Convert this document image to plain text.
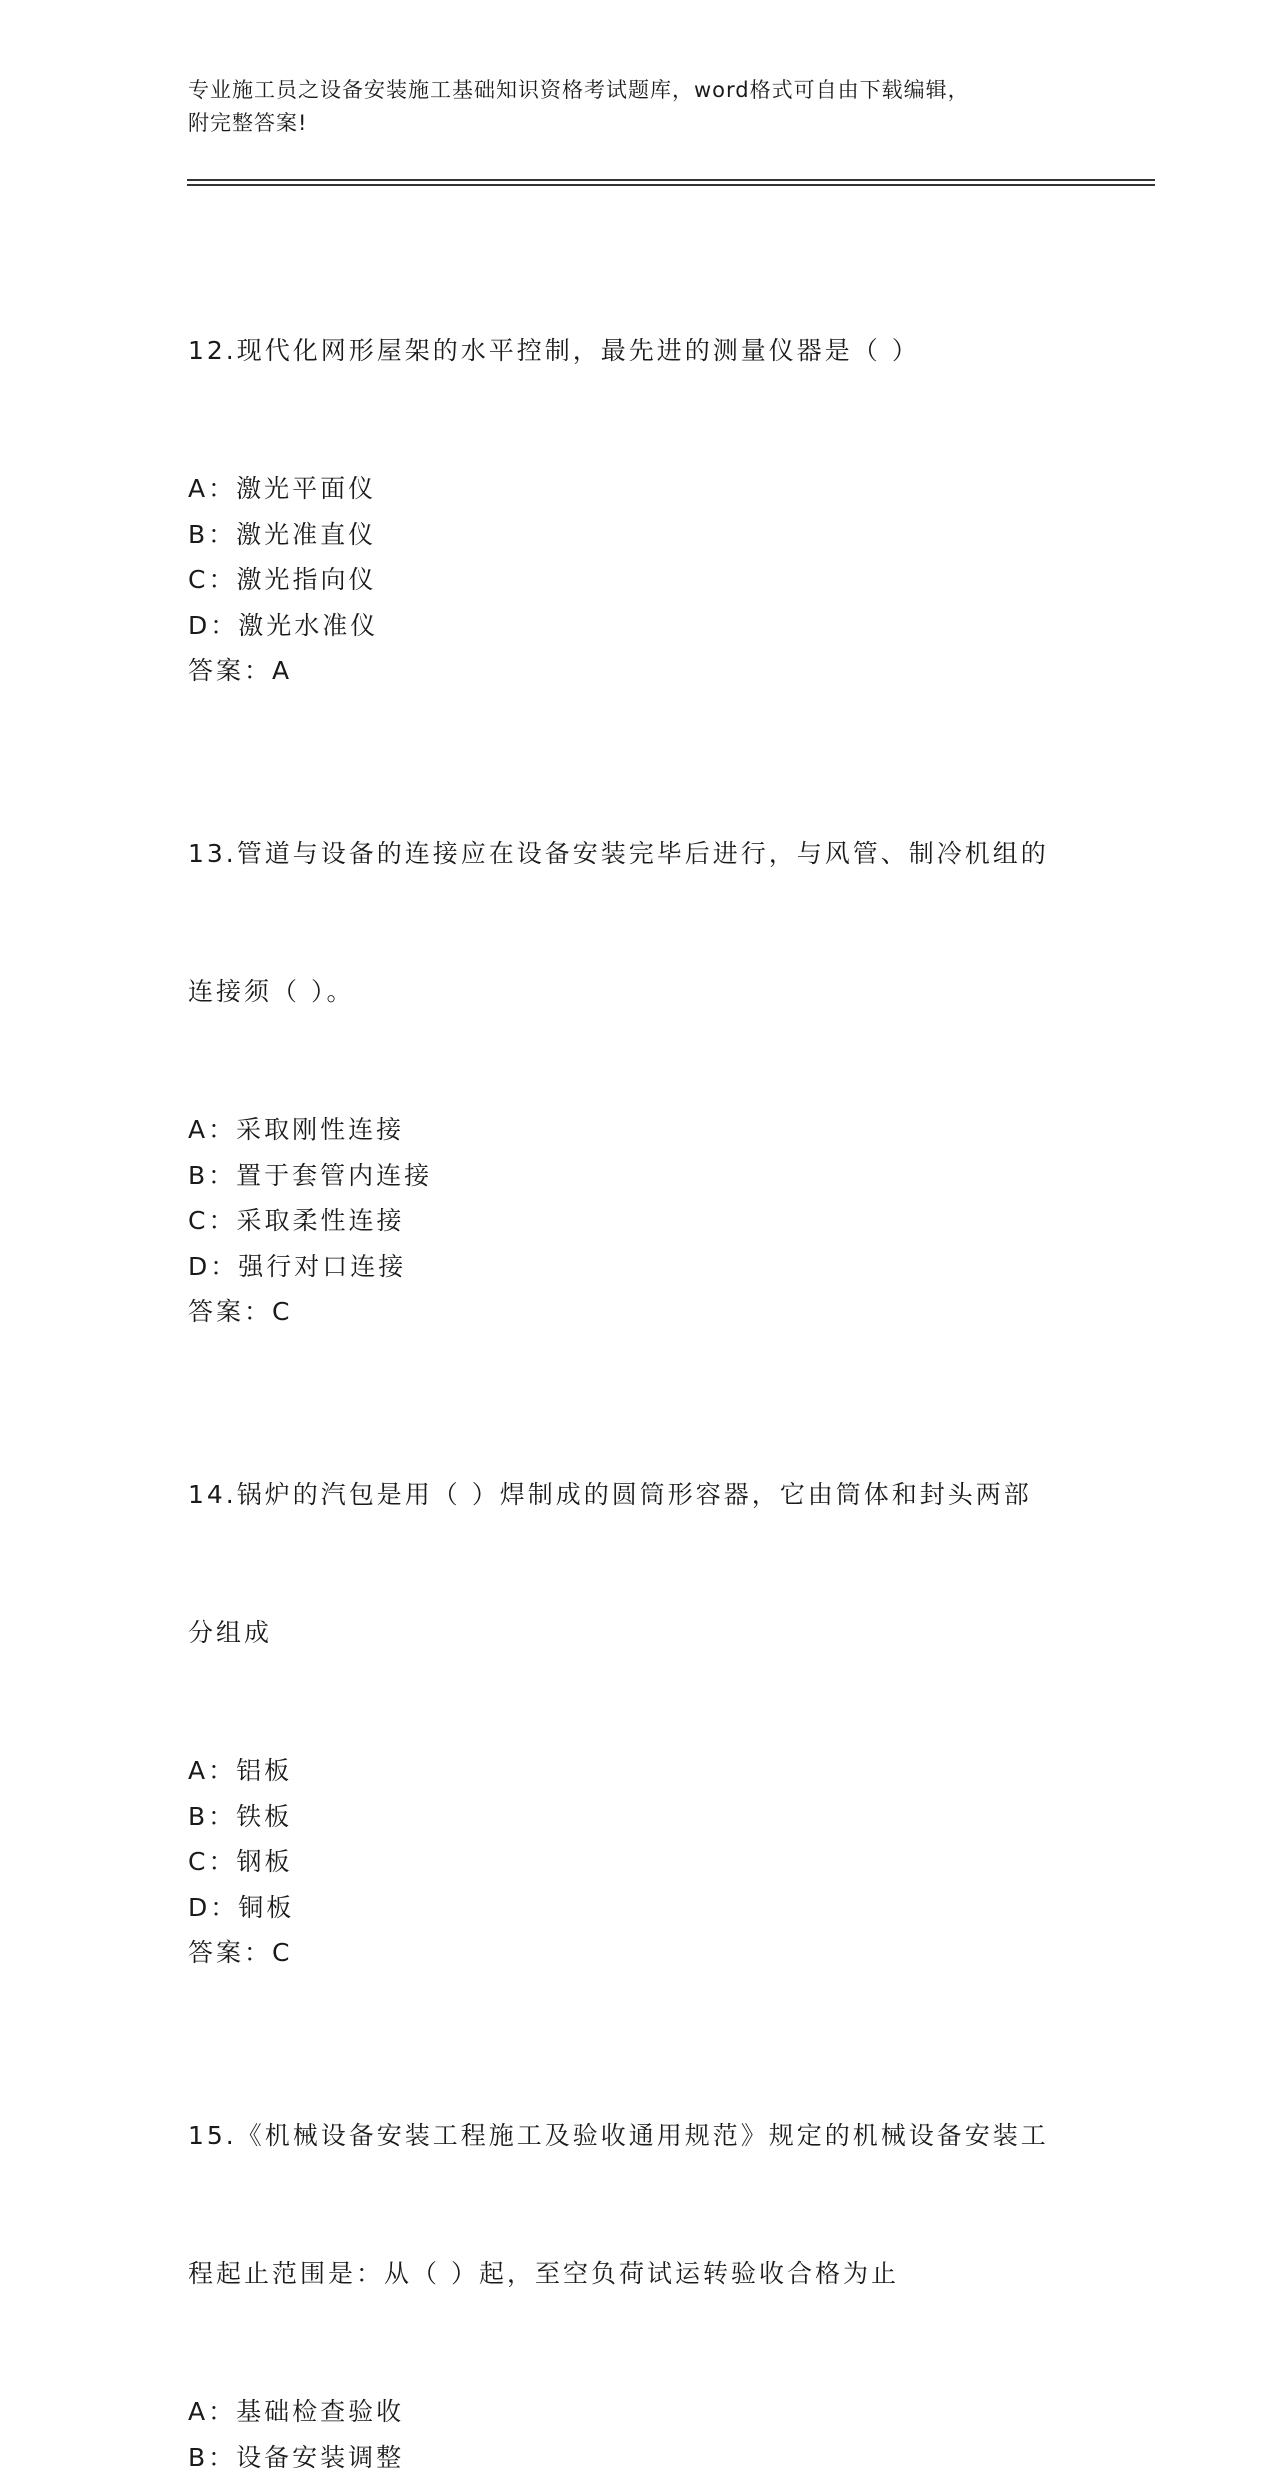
专业施工员之设备安装施工基础知识资格考试题库，word格式可自由下载编辑，
附完整答案!

12.现代化网形屋架的水平控制，最先进的测量仪器是（ ）

A：激光平面仪
B：激光准直仪
C：激光指向仪
D：激光水准仪
答案：A

13.管道与设备的连接应在设备安装完毕后进行，与风管、制冷机组的

连接须（ ）。

A：采取刚性连接
B：置于套管内连接
C：采取柔性连接
D：强行对口连接
答案：C

14.锅炉的汽包是用（ ）焊制成的圆筒形容器，它由筒体和封头两部

分组成

A：铝板
B：铁板
C：钢板
D：铜板
答案：C

15.《机械设备安装工程施工及验收通用规范》规定的机械设备安装工

程起止范围是：从（ ）起，至空负荷试运转验收合格为止

A：基础检查验收
B：设备安装调整
